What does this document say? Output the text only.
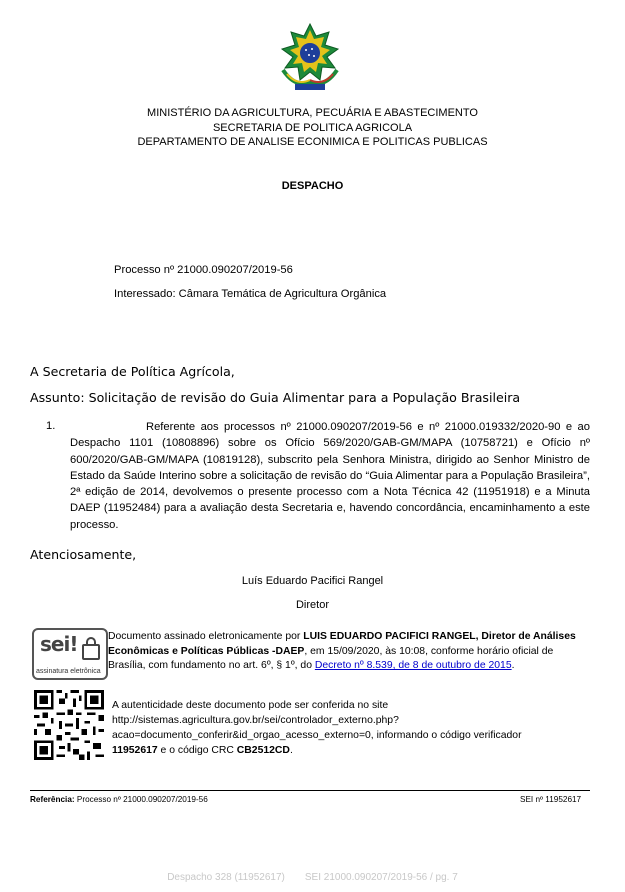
MINISTÉRIO DA AGRICULTURA, PECUÁRIA E ABASTECIMENTO
SECRETARIA DE POLITICA AGRICOLA
DEPARTAMENTO DE ANALISE ECONIMICA E POLITICAS PUBLICAS
DESPACHO
Processo nº 21000.090207/2019-56
Interessado: Câmara Temática de Agricultura Orgânica
A Secretaria de Política Agrícola,
Assunto: Solicitação de revisão do Guia Alimentar para a População Brasileira
1.	Referente aos processos nº 21000.090207/2019-56 e nº 21000.019332/2020-90 e ao Despacho 1101 (10808896) sobre os Ofício 569/2020/GAB-GM/MAPA (10758721) e Ofício nº 600/2020/GAB-GM/MAPA (10819128), subscrito pela Senhora Ministra, dirigido ao Senhor Ministro de Estado da Saúde Interino sobre a solicitação de revisão do “Guia Alimentar para a População Brasileira”, 2ª edição de 2014, devolvemos o presente processo com a Nota Técnica 42 (11951918) e a Minuta DAEP (11952484) para a avaliação desta Secretaria e, havendo concordância, encaminhamento a este processo.
Atenciosamente,
Luís Eduardo Pacifici Rangel
Diretor
sei!
assinatura eletrônica
Documento assinado eletronicamente por LUIS EDUARDO PACIFICI RANGEL, Diretor de Análises Econômicas e Políticas Públicas -DAEP, em 15/09/2020, às 10:08, conforme horário oficial de Brasília, com fundamento no art. 6º, § 1º, do Decreto nº 8.539, de 8 de outubro de 2015.
A autenticidade deste documento pode ser conferida no site
http://sistemas.agricultura.gov.br/sei/controlador_externo.php?
acao=documento_conferir&id_orgao_acesso_externo=0, informando o código verificador
11952617 e o código CRC CB2512CD.
Referência: Processo nº 21000.090207/2019-56	SEI nº 11952617
Despacho 328 (11952617) SEI 21000.090207/2019-56 / pg. 7
